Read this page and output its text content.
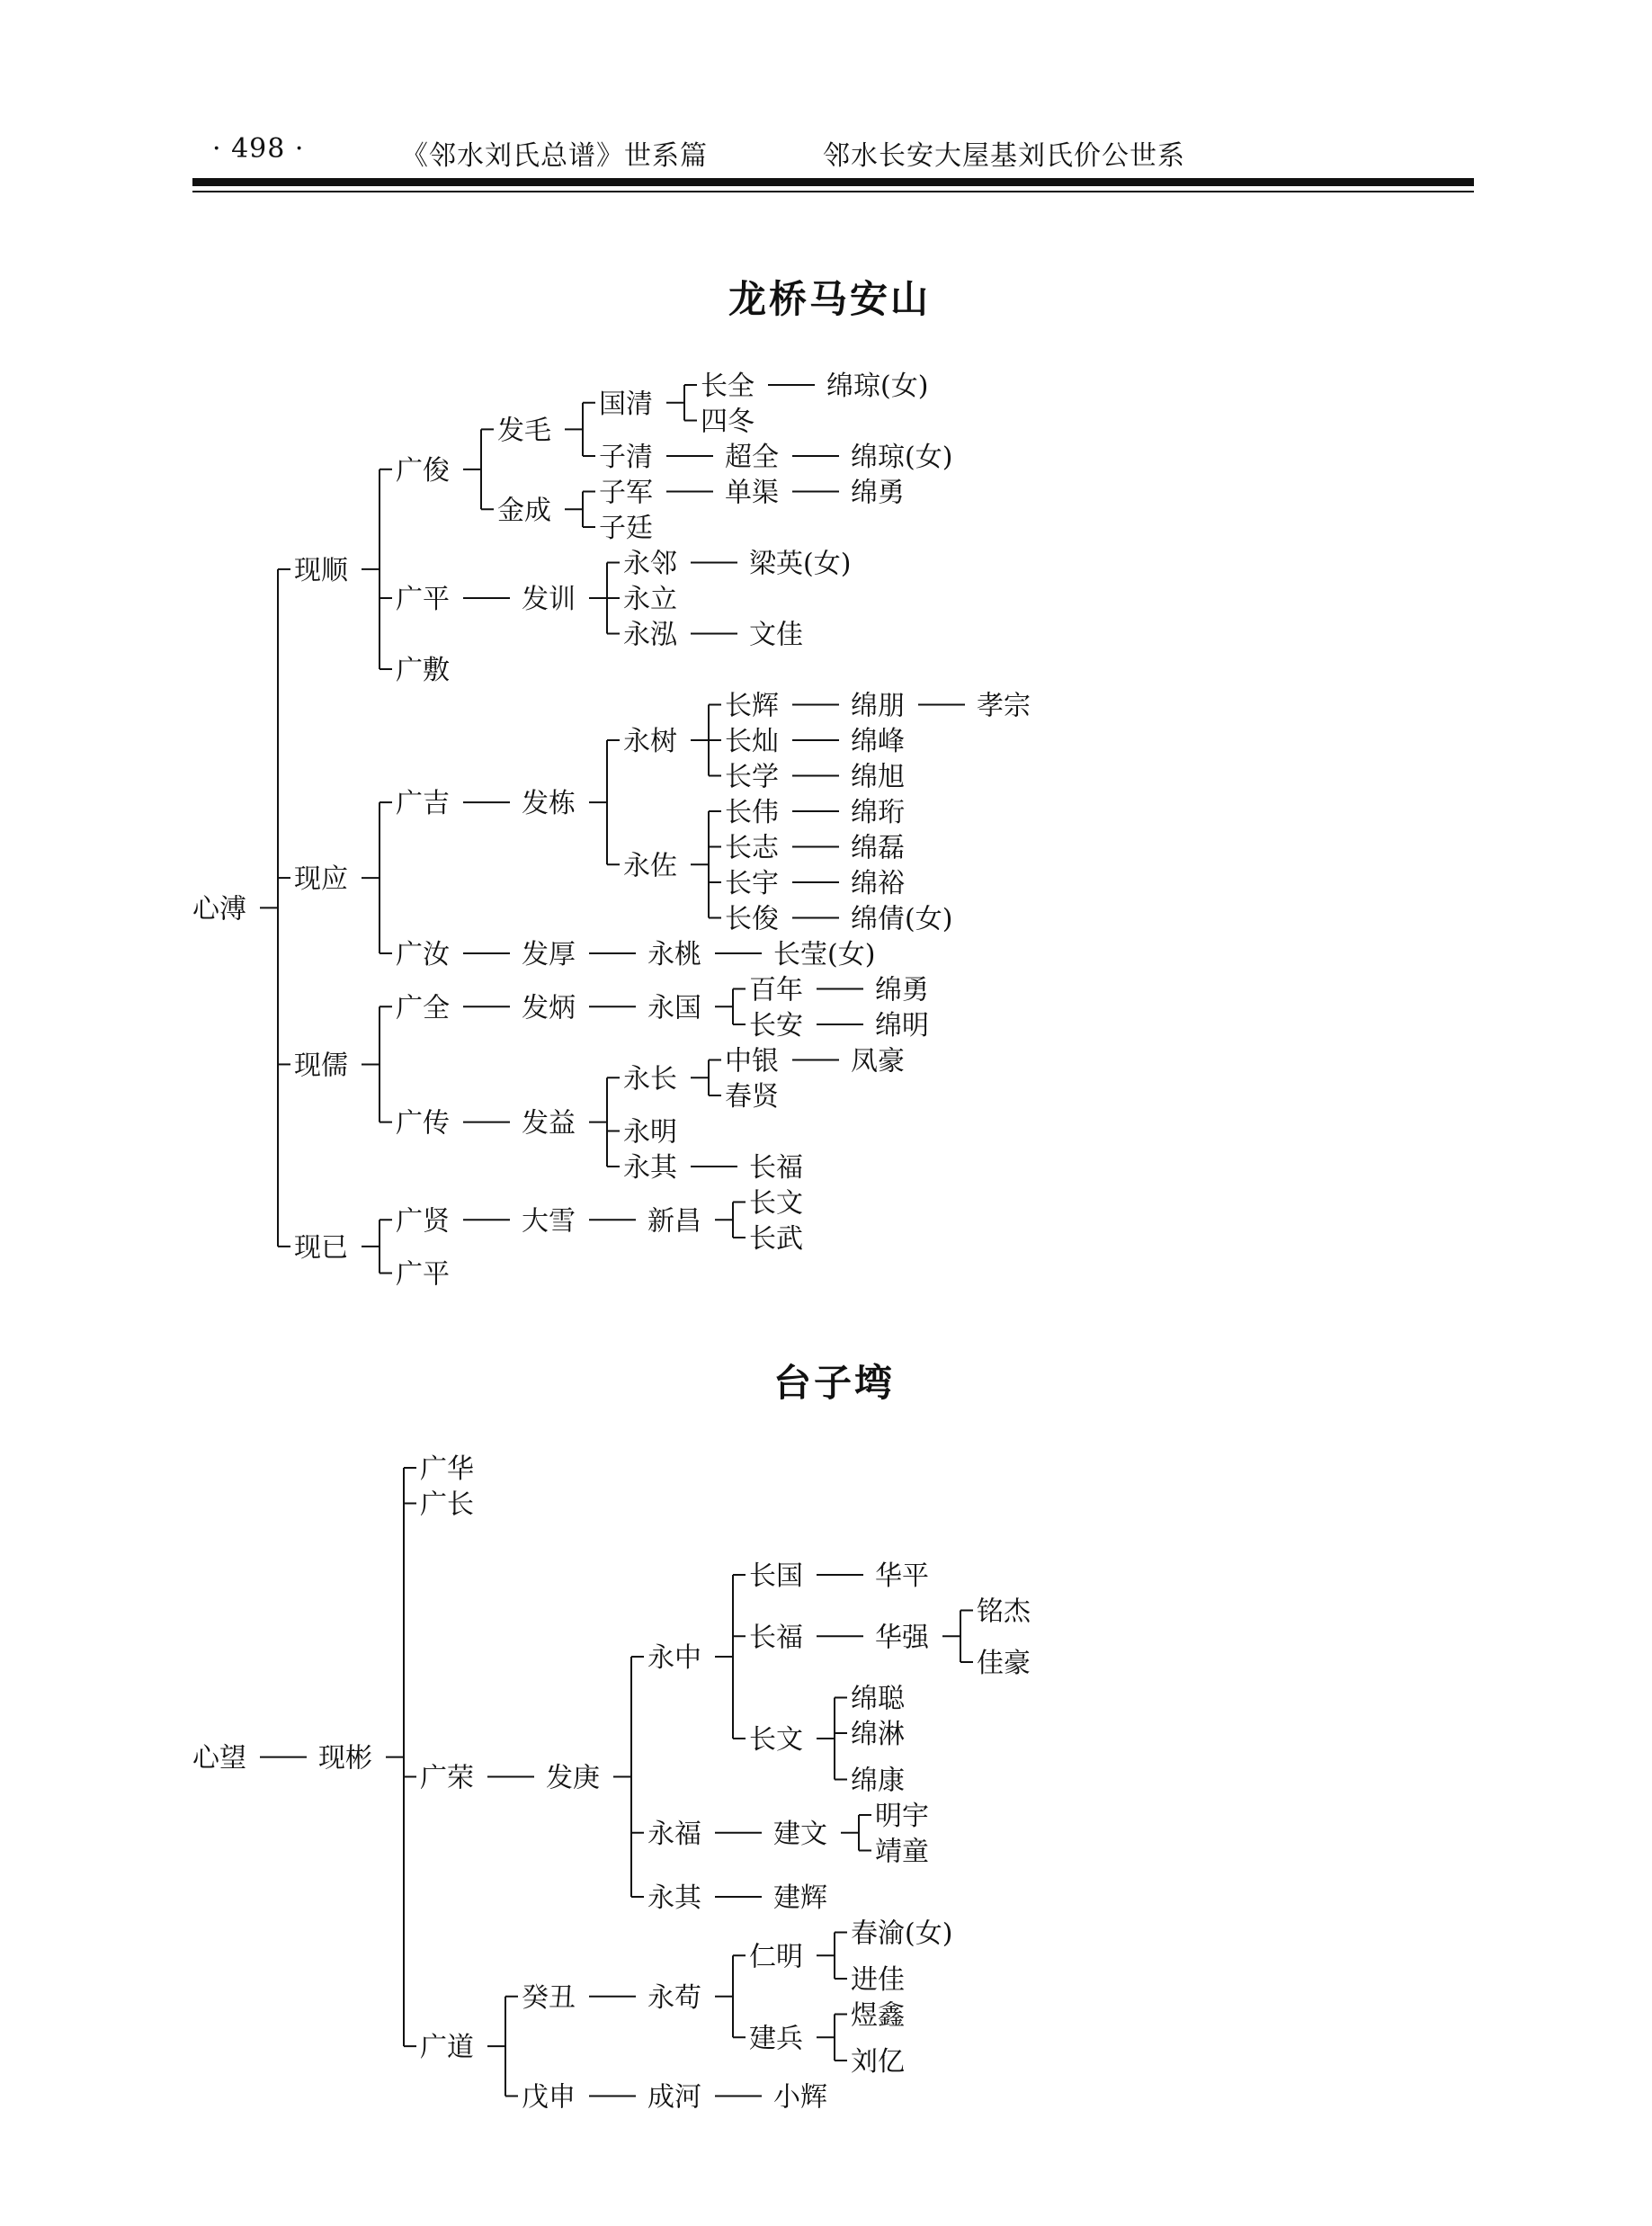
· 498 ·	《邻水刘氏总谱》世系篇	邻水长安大屋基刘氏价公世系
龙桥马安山
心溥
现顺
广俊
发毛
国清
长全	绵琼(女)
四冬
子清	超全	绵琼(女)
金成
子军	单渠	绵勇
子廷
广平	发训
永邻	梁英(女)
永立
永泓	文佳
广敷
现应
广吉	发栋
永树
长辉	绵朋	孝宗
长灿	绵峰
长学	绵旭
永佐
长伟	绵珩
长志	绵磊
长宇	绵裕
长俊	绵倩(女)
广汝	发厚	永桃	长莹(女)
现儒
广全	发炳	永国
百年	绵勇
长安	绵明
广传	发益
永长
中银	凤豪
春贤
永明
永其	长福
现已
广贤	大雪	新昌
长文
长武
广平
台子塆
心望	现彬
广华
广长
广荣	发庚
永中
长国	华平
长福	华强
铭杰
佳豪
长文
绵聪
绵淋
绵康
永福	建文
明宇
靖童
永其	建辉
广道
癸丑	永苟
仁明
春渝(女)
进佳
建兵
煜鑫
刘亿
戊申	成河	小辉
